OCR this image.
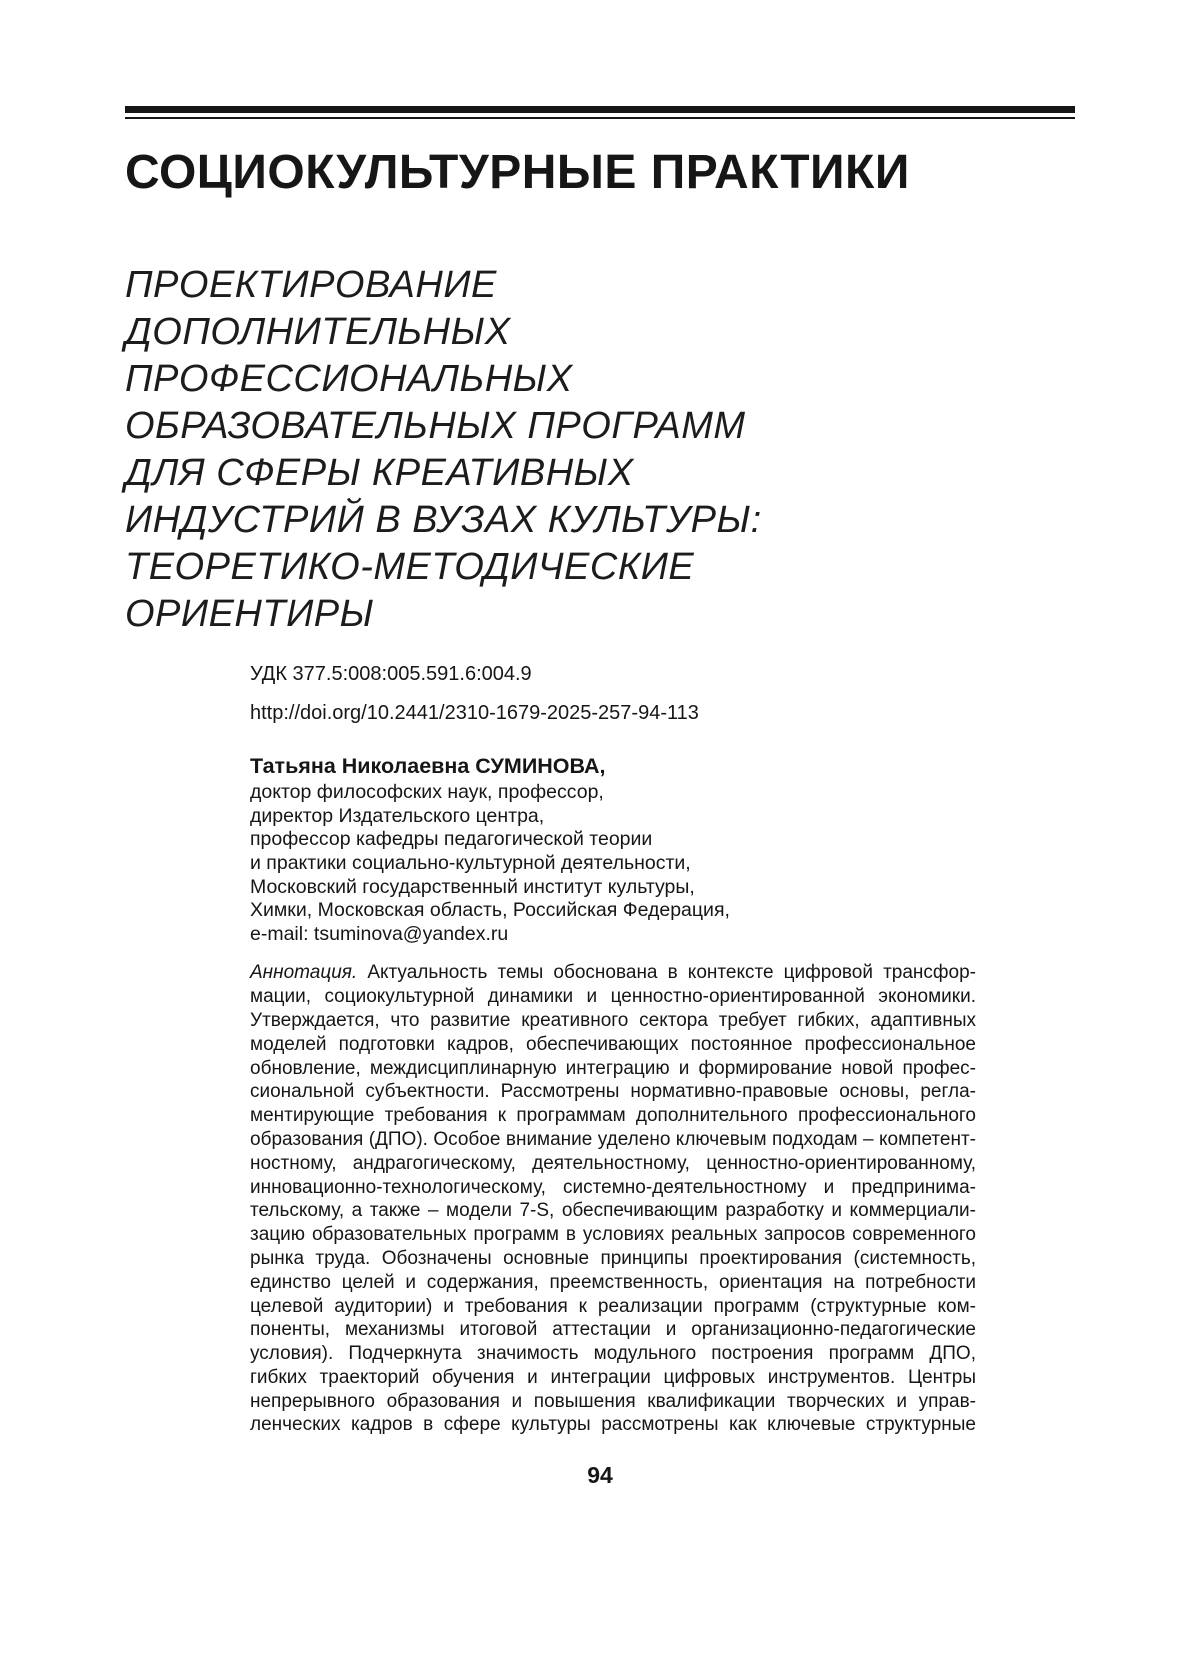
СОЦИОКУЛЬТУРНЫЕ ПРАКТИКИ
ПРОЕКТИРОВАНИЕ
ДОПОЛНИТЕЛЬНЫХ
ПРОФЕССИОНАЛЬНЫХ
ОБРАЗОВАТЕЛЬНЫХ ПРОГРАММ
ДЛЯ СФЕРЫ КРЕАТИВНЫХ
ИНДУСТРИЙ В ВУЗАХ КУЛЬТУРЫ:
ТЕОРЕТИКО-МЕТОДИЧЕСКИЕ
ОРИЕНТИРЫ
УДК 377.5:008:005.591.6:004.9
http://doi.org/10.2441/2310-1679-2025-257-94-113
Татьяна Николаевна СУМИНОВА,
доктор философских наук, профессор,
директор Издательского центра,
профессор кафедры педагогической теории
и практики социально-культурной деятельности,
Московский государственный институт культуры,
Химки, Московская область, Российская Федерация,
e-mail: tsuminova@yandex.ru
Аннотация. Актуальность темы обоснована в контексте цифровой трансфор-
мации, социокультурной динамики и ценностно-ориентированной экономики.
Утверждается, что развитие креативного сектора требует гибких, адаптивных
моделей подготовки кадров, обеспечивающих постоянное профессиональное
обновление, междисциплинарную интеграцию и формирование новой профес-
сиональной субъектности. Рассмотрены нормативно-правовые основы, регла-
ментирующие требования к программам дополнительного профессионального
образования (ДПО). Особое внимание уделено ключевым подходам – компетент-
ностному, андрагогическому, деятельностному, ценностно-ориентированному,
инновационно-технологическому, системно-деятельностному и предпринима-
тельскому, а также – модели 7-S, обеспечивающим разработку и коммерциали-
зацию образовательных программ в условиях реальных запросов современного
рынка труда. Обозначены основные принципы проектирования (системность,
единство целей и содержания, преемственность, ориентация на потребности
целевой аудитории) и требования к реализации программ (структурные ком-
поненты, механизмы итоговой аттестации и организационно-педагогические
условия). Подчеркнута значимость модульного построения программ ДПО,
гибких траекторий обучения и интеграции цифровых инструментов. Центры
непрерывного образования и повышения квалификации творческих и управ-
ленческих кадров в сфере культуры рассмотрены как ключевые структурные
94
